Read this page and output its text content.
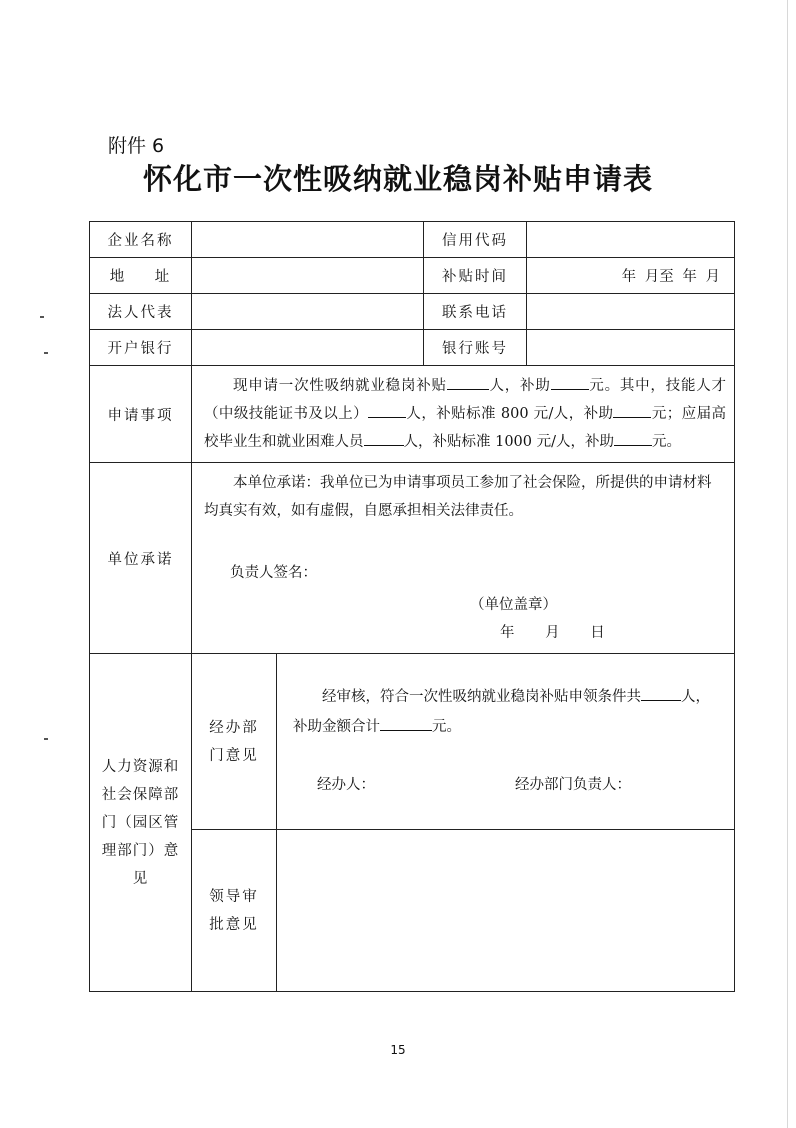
附件 6
怀化市一次性吸纳就业稳岗补贴申请表
企业名称			信用代码	
地 址			补贴时间	年 月至 年 月
法人代表			联系电话	
开户银行			银行账号	
申请事项	现申请一次性吸纳就业稳岗补贴 人，补助 元。其中，技能人才（中级技能证书及以上） 人，补贴标准 800 元/人，补助 元；应届高校毕业生和就业困难人员 人，补贴标准 1000 元/人，补助 元。			

单位承诺	本单位承诺：我单位已为申请事项员工参加了社会保险，所提供的申请材料均真实有效，如有虚假，自愿承担相关法律责任。
负责人签名：
（单位盖章）
年 月 日			

人力资源和社会保障部门（园区管理部门）意见	经办部门意见	经审核，符合一次性吸纳就业稳岗补贴申领条件共 人，补助金额合计 元。
经办人： 经办部门负责人：		

	领导审批意见			

15
